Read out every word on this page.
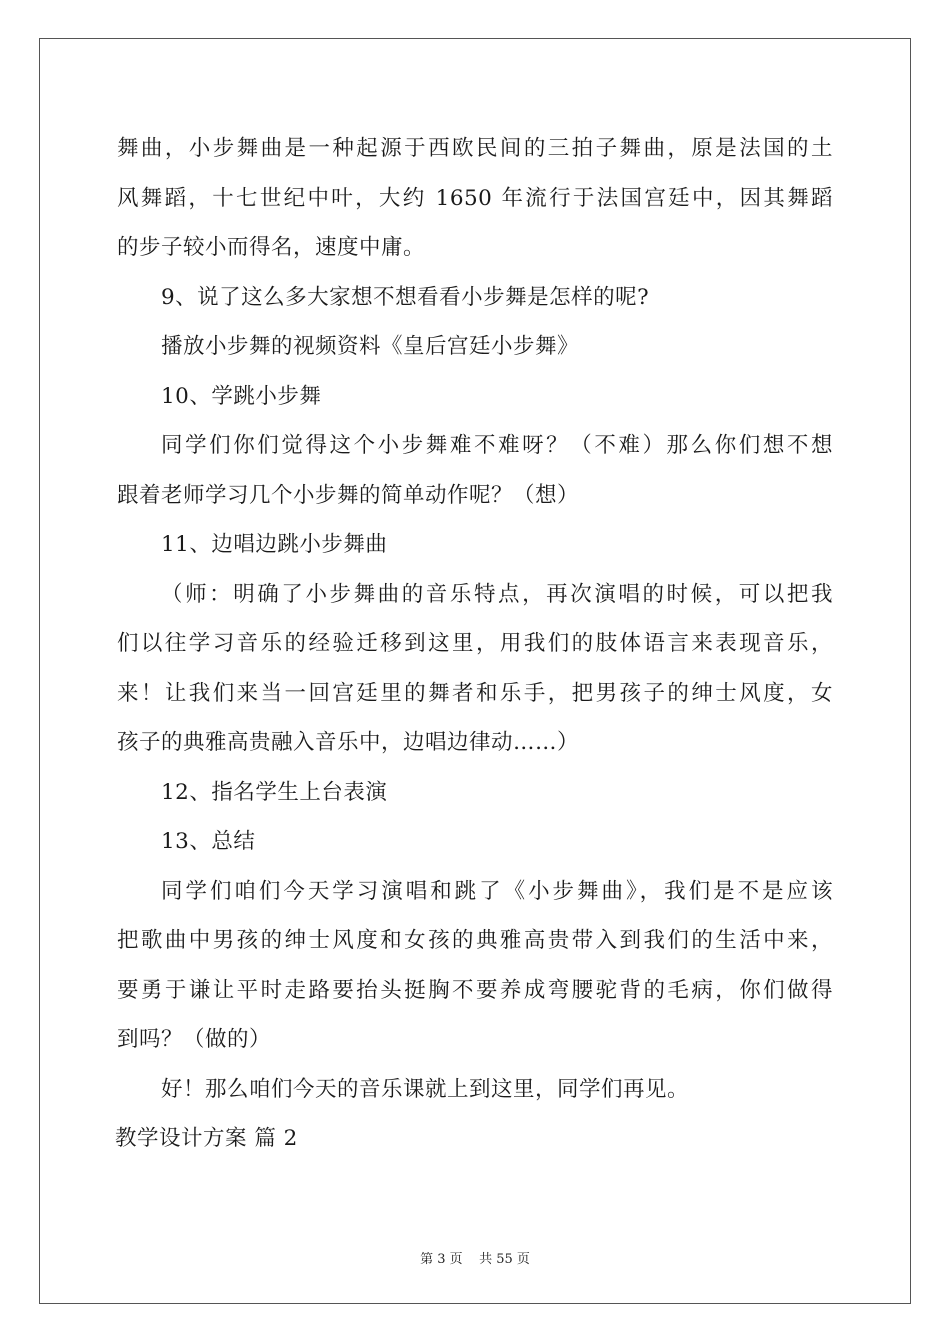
舞曲，小步舞曲是一种起源于西欧民间的三拍子舞曲，原是法国的土
风舞蹈，十七世纪中叶，大约 1650 年流行于法国宫廷中，因其舞蹈
的步子较小而得名，速度中庸。
9、说了这么多大家想不想看看小步舞是怎样的呢?
播放小步舞的视频资料《皇后宫廷小步舞》
10、学跳小步舞
同学们你们觉得这个小步舞难不难呀？（不难）那么你们想不想
跟着老师学习几个小步舞的简单动作呢？（想）
11、边唱边跳小步舞曲
（师：明确了小步舞曲的音乐特点，再次演唱的时候，可以把我
们以往学习音乐的经验迁移到这里，用我们的肢体语言来表现音乐，
来！让我们来当一回宫廷里的舞者和乐手，把男孩子的绅士风度，女
孩子的典雅高贵融入音乐中，边唱边律动……）
12、指名学生上台表演
13、总结
同学们咱们今天学习演唱和跳了《小步舞曲》，我们是不是应该
把歌曲中男孩的绅士风度和女孩的典雅高贵带入到我们的生活中来，
要勇于谦让平时走路要抬头挺胸不要养成弯腰驼背的毛病，你们做得
到吗？（做的）
好！那么咱们今天的音乐课就上到这里，同学们再见。
教学设计方案 篇 2
第 3 页    共 55 页
